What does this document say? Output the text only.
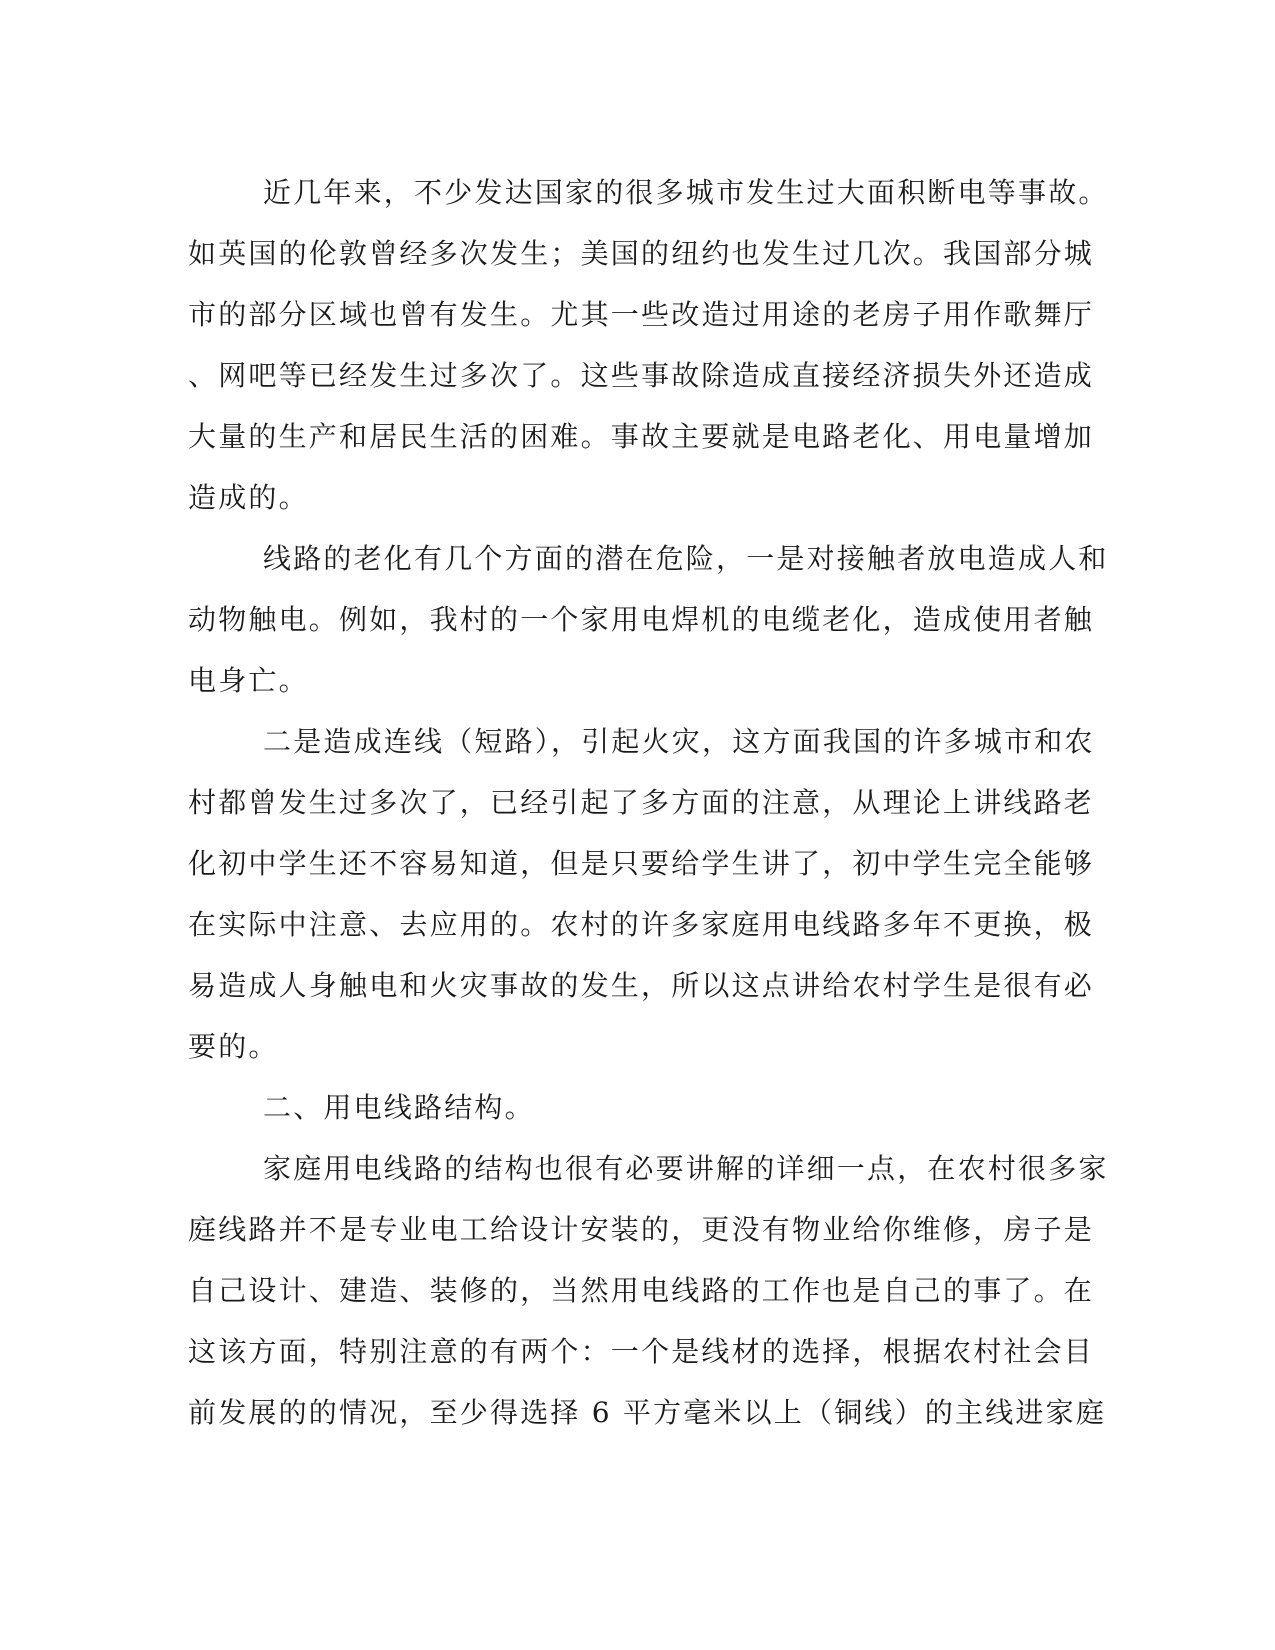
近几年来，不少发达国家的很多城市发生过大面积断电等事故。
如英国的伦敦曾经多次发生；美国的纽约也发生过几次。我国部分城
市的部分区域也曾有发生。尤其一些改造过用途的老房子用作歌舞厅
、网吧等已经发生过多次了。这些事故除造成直接经济损失外还造成
大量的生产和居民生活的困难。事故主要就是电路老化、用电量增加
造成的。

线路的老化有几个方面的潜在危险，一是对接触者放电造成人和
动物触电。例如，我村的一个家用电焊机的电缆老化，造成使用者触
电身亡。

二是造成连线（短路），引起火灾，这方面我国的许多城市和农
村都曾发生过多次了，已经引起了多方面的注意，从理论上讲线路老
化初中学生还不容易知道，但是只要给学生讲了，初中学生完全能够
在实际中注意、去应用的。农村的许多家庭用电线路多年不更换，极
易造成人身触电和火灾事故的发生，所以这点讲给农村学生是很有必
要的。

二、用电线路结构。

家庭用电线路的结构也很有必要讲解的详细一点，在农村很多家
庭线路并不是专业电工给设计安装的，更没有物业给你维修，房子是
自己设计、建造、装修的，当然用电线路的工作也是自己的事了。在
这该方面，特别注意的有两个：一个是线材的选择，根据农村社会目
前发展的的情况，至少得选择 6 平方毫米以上（铜线）的主线进家庭
